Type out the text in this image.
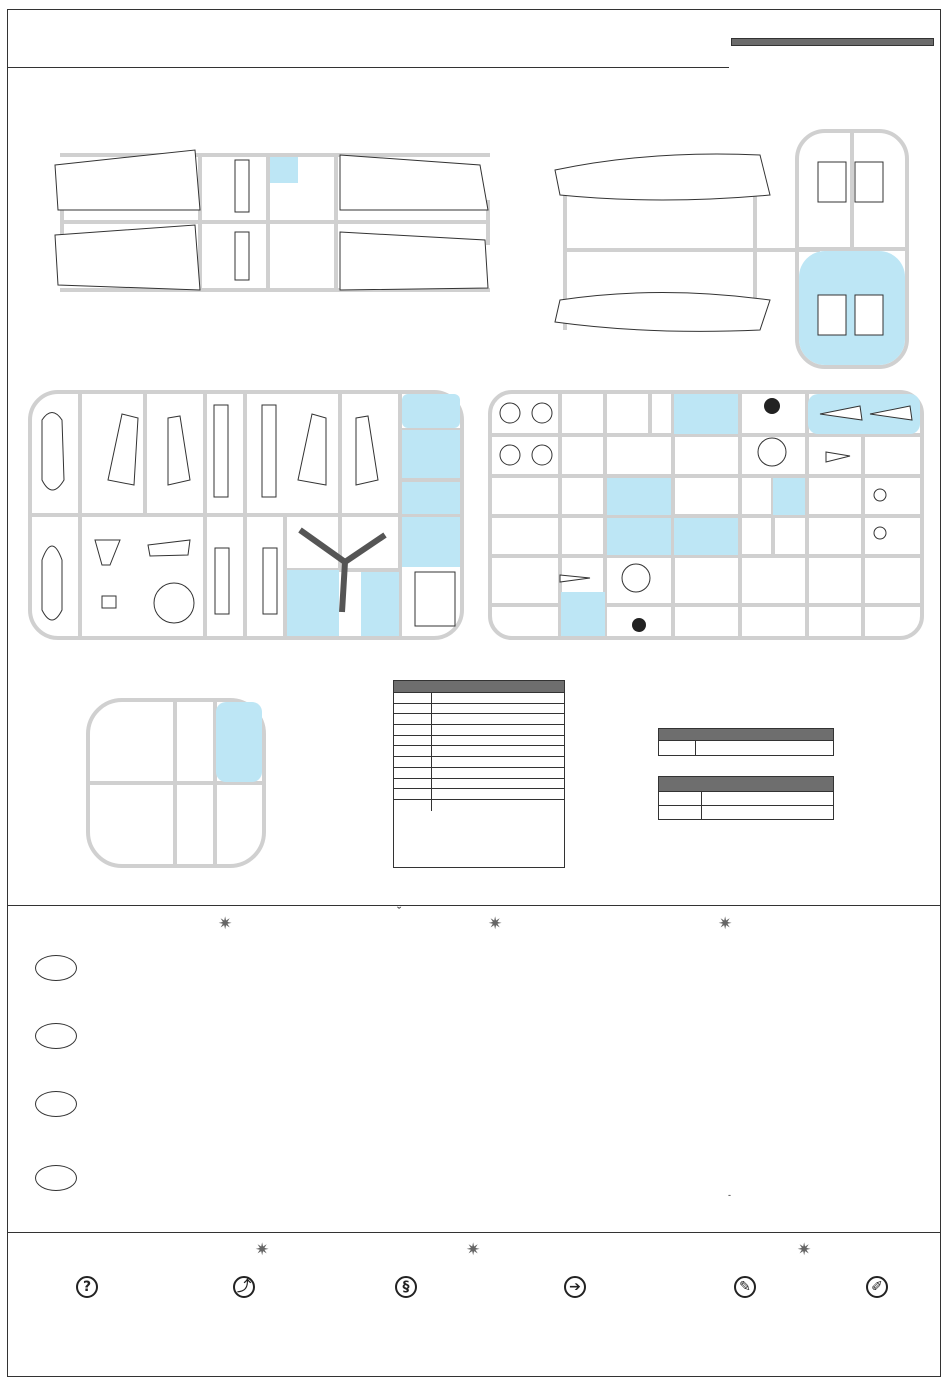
✷
ˇ
✷	✷
-
✷	✷	✷
?	⤴	§	➔	✎	✐
